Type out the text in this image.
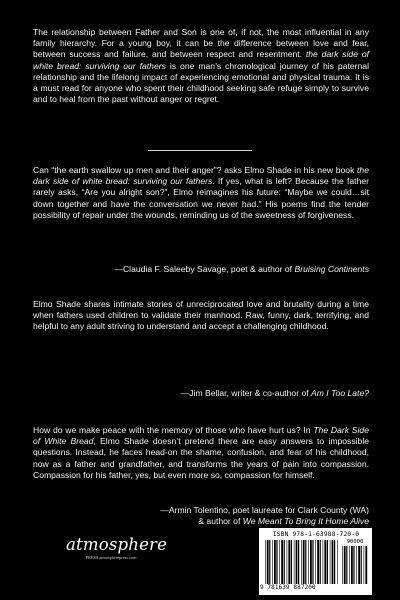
The relationship between Father and Son is one of, if not, the most influential in any family hierarchy. For a young boy, it can be the difference between love and fear, between success and failure, and between respect and resentment. the dark side of white bread: surviving our fathers is one man’s chronological journey of his paternal relationship and the lifelong impact of experiencing emotional and physical trauma. It is a must read for anyone who spent their childhood seeking safe refuge simply to survive and to heal from the past without anger or regret.

Can “the earth swallow up men and their anger”? asks Elmo Shade in his new book the dark side of white bread: surviving our fathers. If yes, what is left? Because the father rarely asks, “Are you alright son?”, Elmo reimagines his future: “Maybe we could…sit down together and have the conversation we never had.” His poems find the tender possibility of repair under the wounds, reminding us of the sweetness of forgiveness.

—Claudia F. Saleeby Savage, poet & author of Bruising Continents

Elmo Shade shares intimate stories of unreciprocated love and brutality during a time when fathers used children to validate their manhood. Raw, funny, dark, terrifying, and helpful to any adult striving to understand and accept a challenging childhood.

—Jim Bellar, writer & co-author of Am I Too Late?

How do we make peace with the memory of those who have hurt us? In The Dark Side of White Bread, Elmo Shade doesn’t pretend there are easy answers to impossible questions. Instead, he faces head-on the shame, confusion, and fear of his childhood, now as a father and grandfather, and transforms the years of pain into compassion. Compassion for his father, yes, but even more so, compassion for himself.

—Armin Tolentino, poet laureate for Clark County (WA)
& author of We Meant To Bring It Home Alive

atmosphere
PRESS atmospherepress.com
ISBN 978-1-63988-720-0
90000
9 781639 887200
